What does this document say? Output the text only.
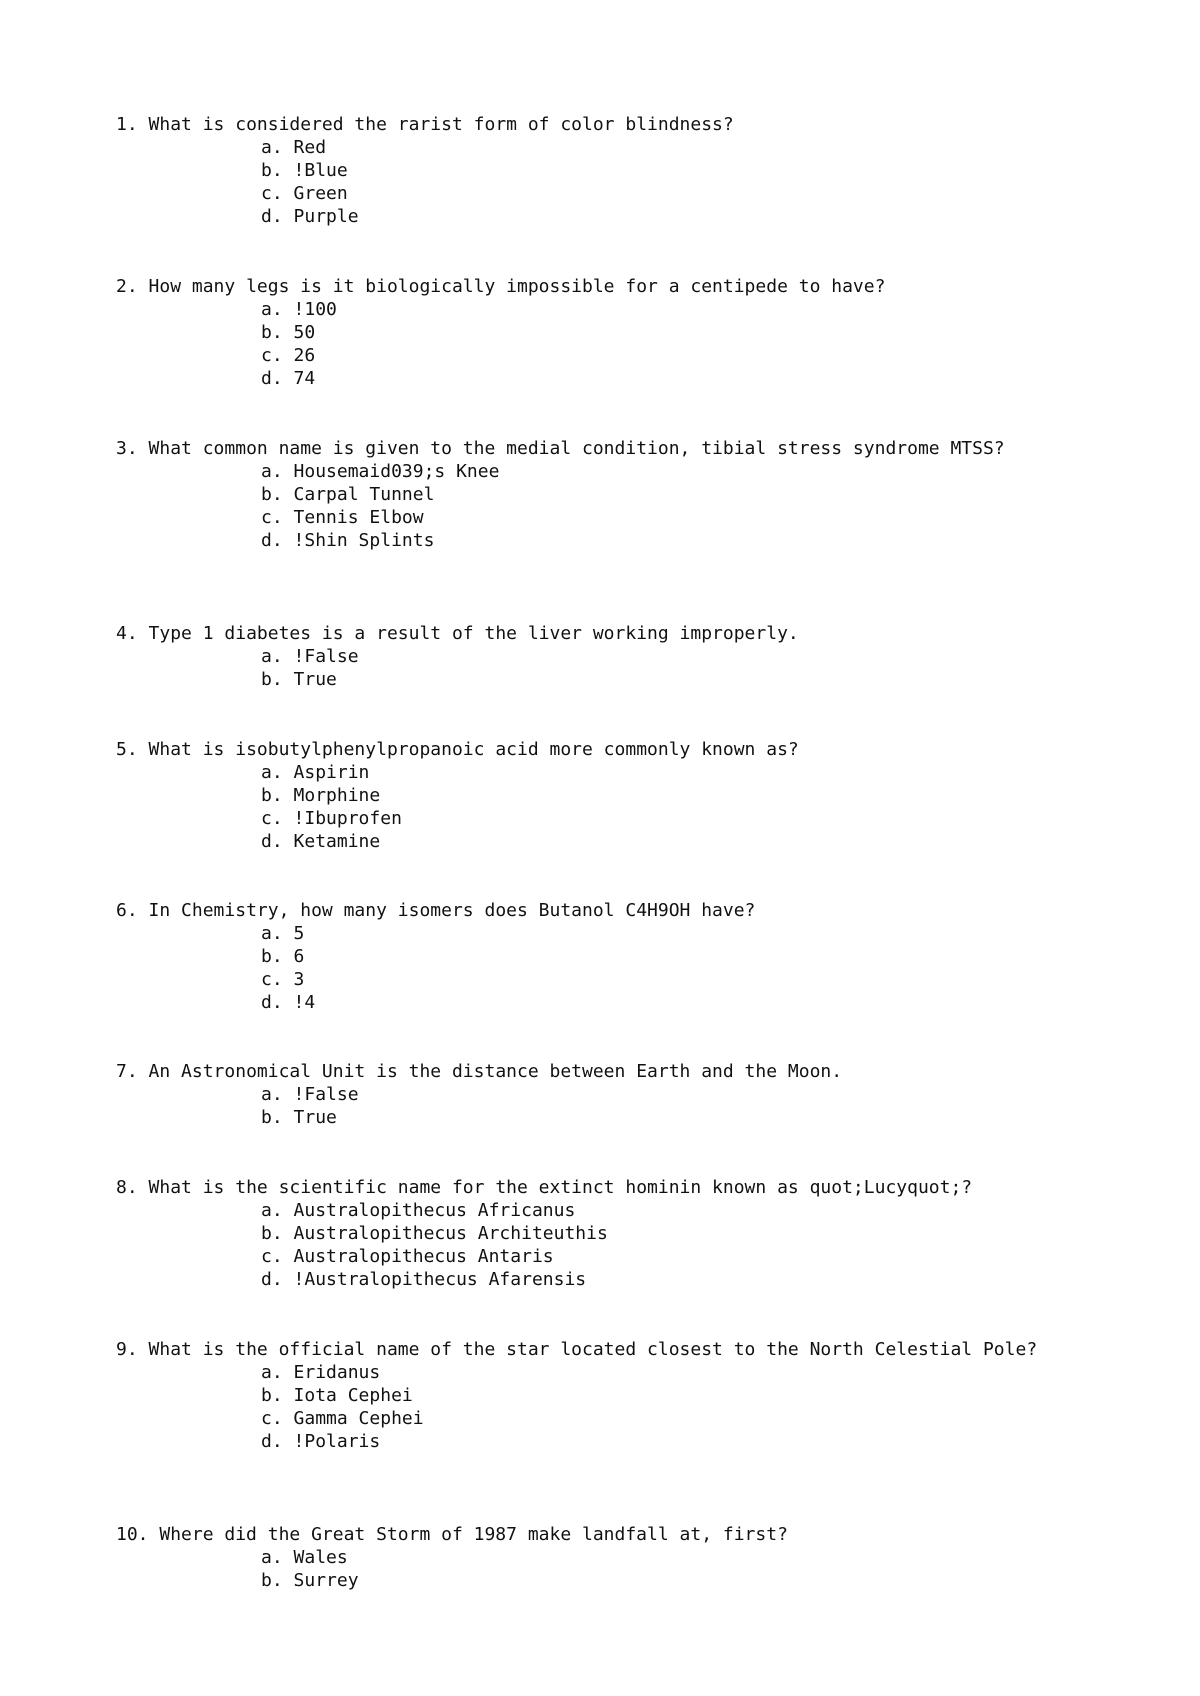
1. What is considered the rarist form of color blindness?

a. Red
b. !Blue
c. Green
d. Purple

2. How many legs is it biologically impossible for a centipede to have?

a. !100
b. 50
c. 26
d. 74

3. What common name is given to the medial condition, tibial stress syndrome MTSS?

a. Housemaid039;s Knee
b. Carpal Tunnel
c. Tennis Elbow
d. !Shin Splints

4. Type 1 diabetes is a result of the liver working improperly.

a. !False
b. True

5. What is isobutylphenylpropanoic acid more commonly known as?

a. Aspirin
b. Morphine
c. !Ibuprofen
d. Ketamine

6. In Chemistry, how many isomers does Butanol C4H9OH have?

a. 5
b. 6
c. 3
d. !4

7. An Astronomical Unit is the distance between Earth and the Moon.

a. !False
b. True

8. What is the scientific name for the extinct hominin known as quot;Lucyquot;?

a. Australopithecus Africanus
b. Australopithecus Architeuthis
c. Australopithecus Antaris
d. !Australopithecus Afarensis

9. What is the official name of the star located closest to the North Celestial Pole?

a. Eridanus
b. Iota Cephei
c. Gamma Cephei
d. !Polaris

10. Where did the Great Storm of 1987 make landfall at, first?

a. Wales
b. Surrey
